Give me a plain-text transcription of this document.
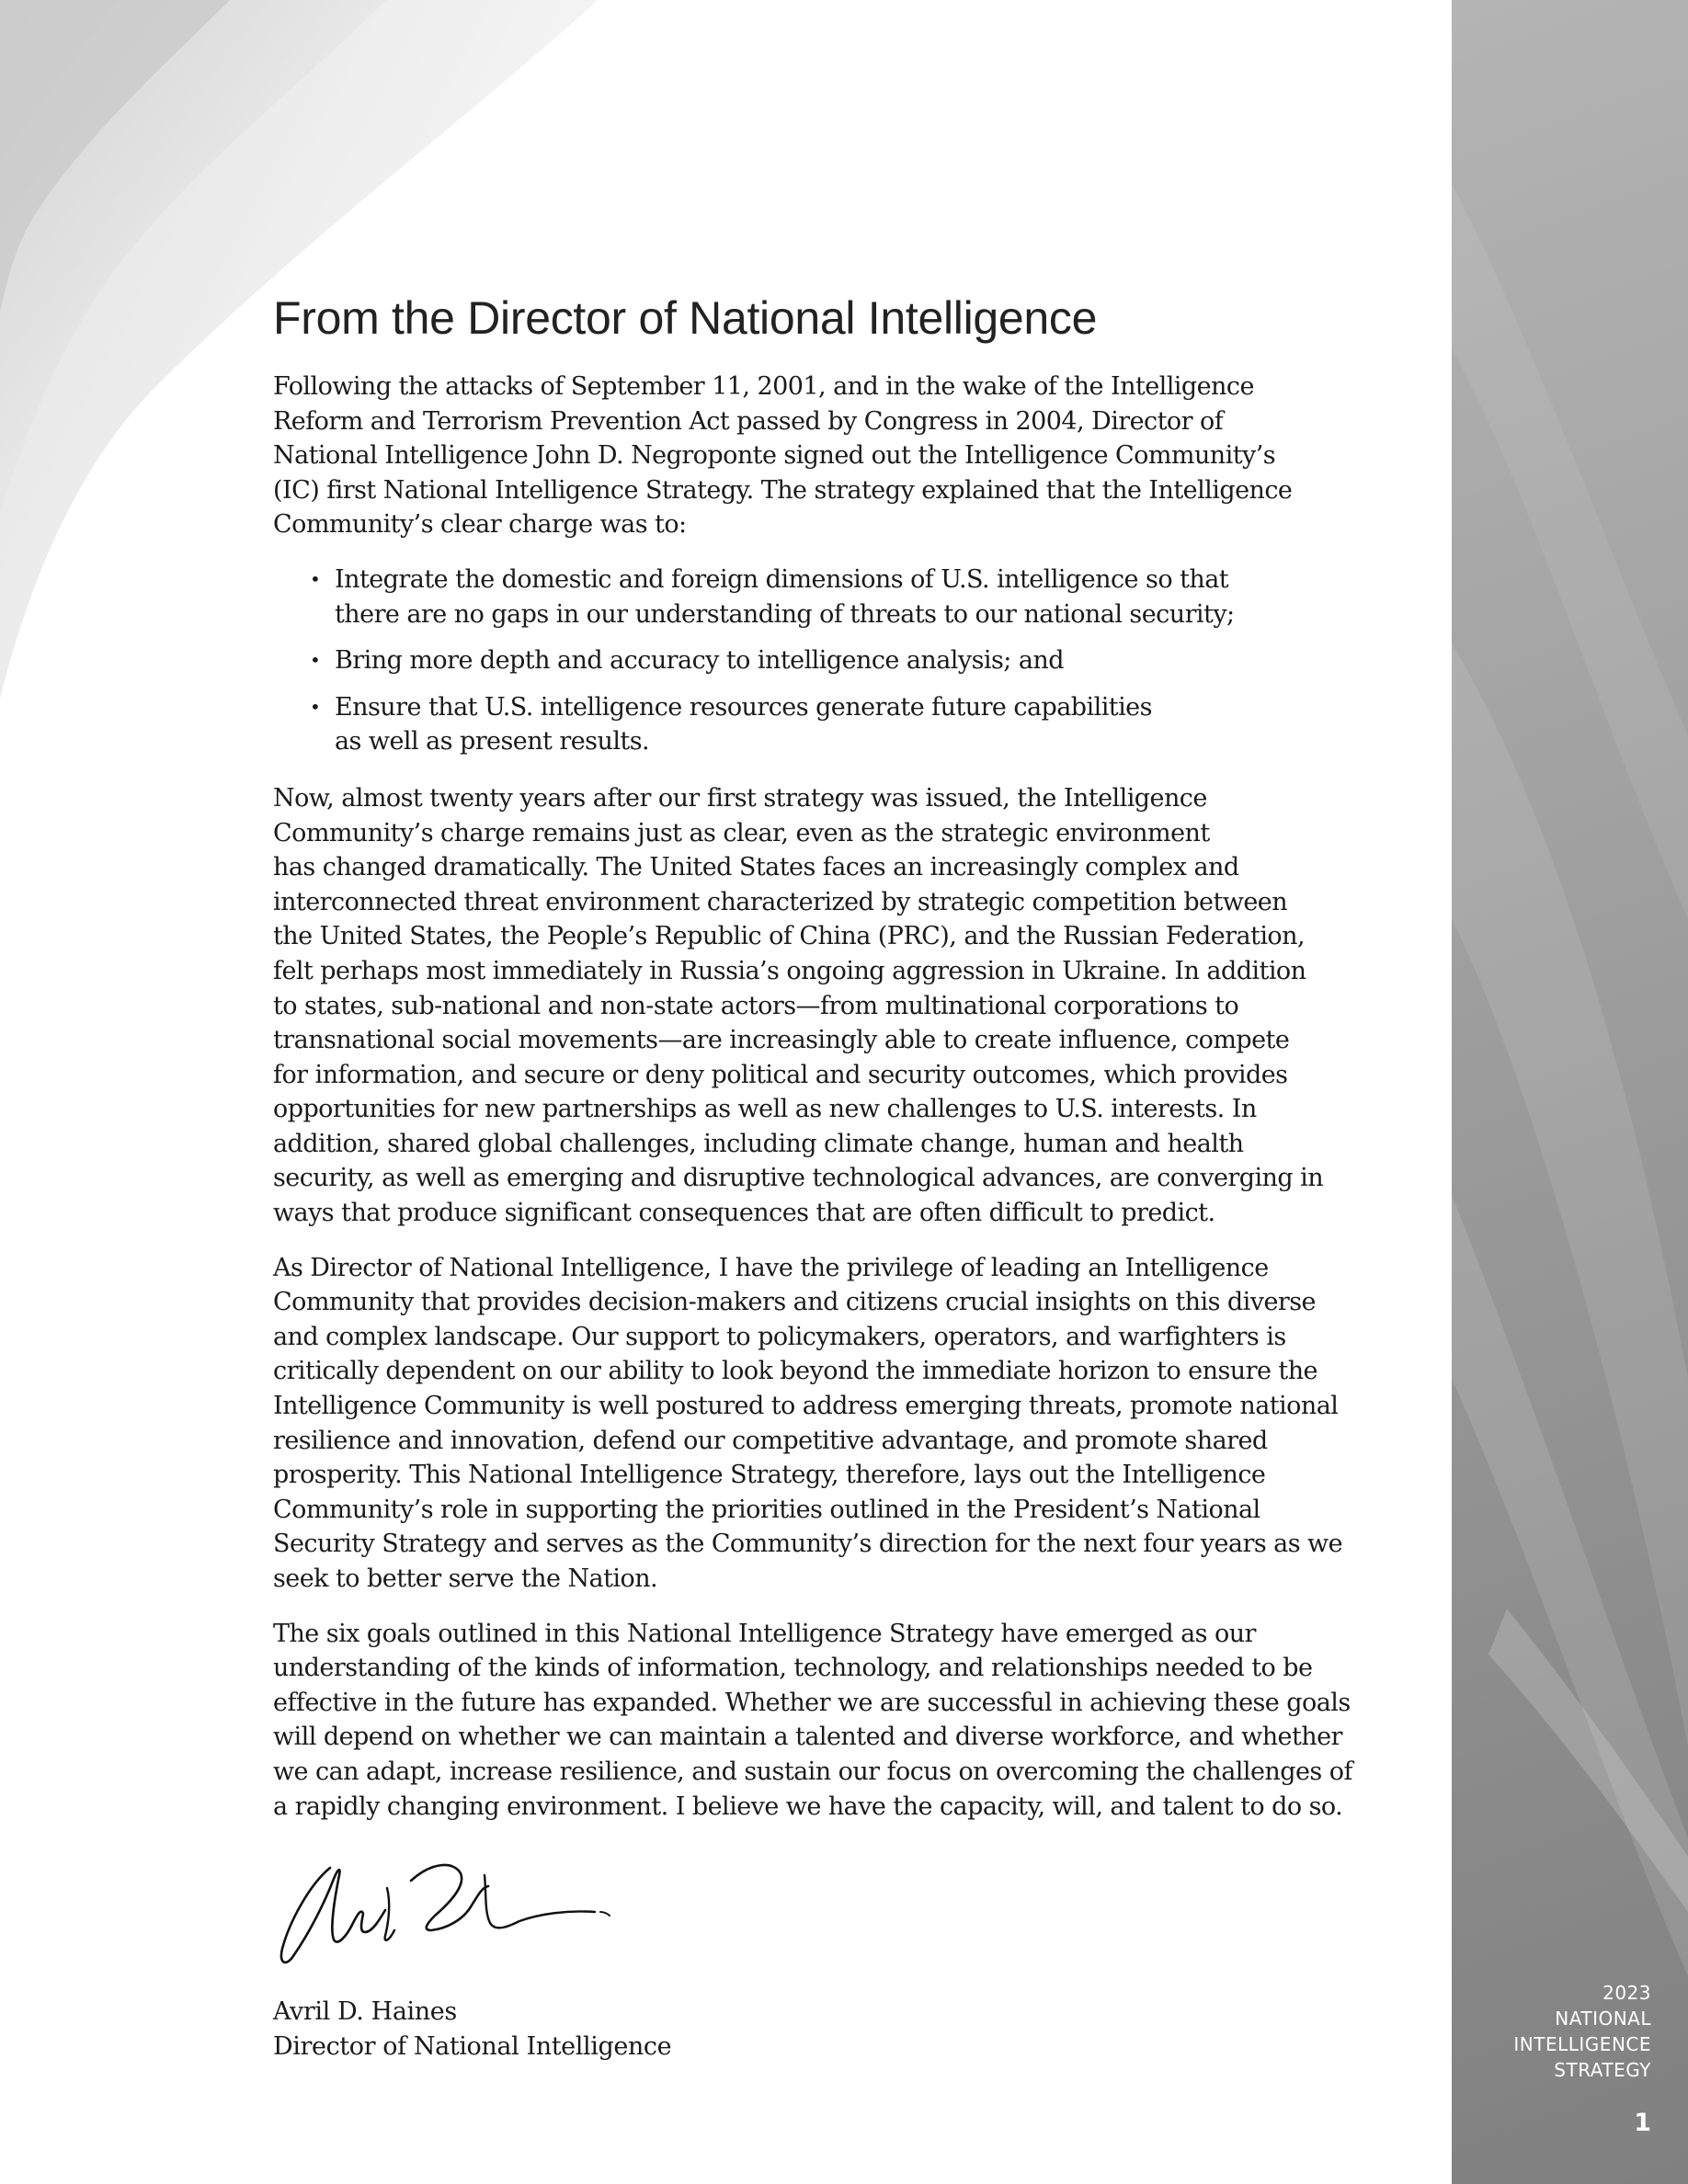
2023
NATIONAL
INTELLIGENCE
STRATEGY
1
From the Director of National Intelligence

Following the attacks of September 11, 2001, and in the wake of the Intelligence
Reform and Terrorism Prevention Act passed by Congress in 2004, Director of
National Intelligence John D. Negroponte signed out the Intelligence Community’s
(IC) first National Intelligence Strategy. The strategy explained that the Intelligence
Community’s clear charge was to:

• Integrate the domestic and foreign dimensions of U.S. intelligence so that
there are no gaps in our understanding of threats to our national security;
• Bring more depth and accuracy to intelligence analysis; and
• Ensure that U.S. intelligence resources generate future capabilities
as well as present results.

Now, almost twenty years after our first strategy was issued, the Intelligence
Community’s charge remains just as clear, even as the strategic environment
has changed dramatically. The United States faces an increasingly complex and
interconnected threat environment characterized by strategic competition between
the United States, the People’s Republic of China (PRC), and the Russian Federation,
felt perhaps most immediately in Russia’s ongoing aggression in Ukraine. In addition
to states, sub-national and non-state actors—from multinational corporations to
transnational social movements—are increasingly able to create influence, compete
for information, and secure or deny political and security outcomes, which provides
opportunities for new partnerships as well as new challenges to U.S. interests. In
addition, shared global challenges, including climate change, human and health
security, as well as emerging and disruptive technological advances, are converging in
ways that produce significant consequences that are often difficult to predict.

As Director of National Intelligence, I have the privilege of leading an Intelligence
Community that provides decision-makers and citizens crucial insights on this diverse
and complex landscape. Our support to policymakers, operators, and warfighters is
critically dependent on our ability to look beyond the immediate horizon to ensure the
Intelligence Community is well postured to address emerging threats, promote national
resilience and innovation, defend our competitive advantage, and promote shared
prosperity. This National Intelligence Strategy, therefore, lays out the Intelligence
Community’s role in supporting the priorities outlined in the President’s National
Security Strategy and serves as the Community’s direction for the next four years as we
seek to better serve the Nation.

The six goals outlined in this National Intelligence Strategy have emerged as our
understanding of the kinds of information, technology, and relationships needed to be
effective in the future has expanded. Whether we are successful in achieving these goals
will depend on whether we can maintain a talented and diverse workforce, and whether
we can adapt, increase resilience, and sustain our focus on overcoming the challenges of
a rapidly changing environment. I believe we have the capacity, will, and talent to do so.

Avril D. Haines
Director of National Intelligence
